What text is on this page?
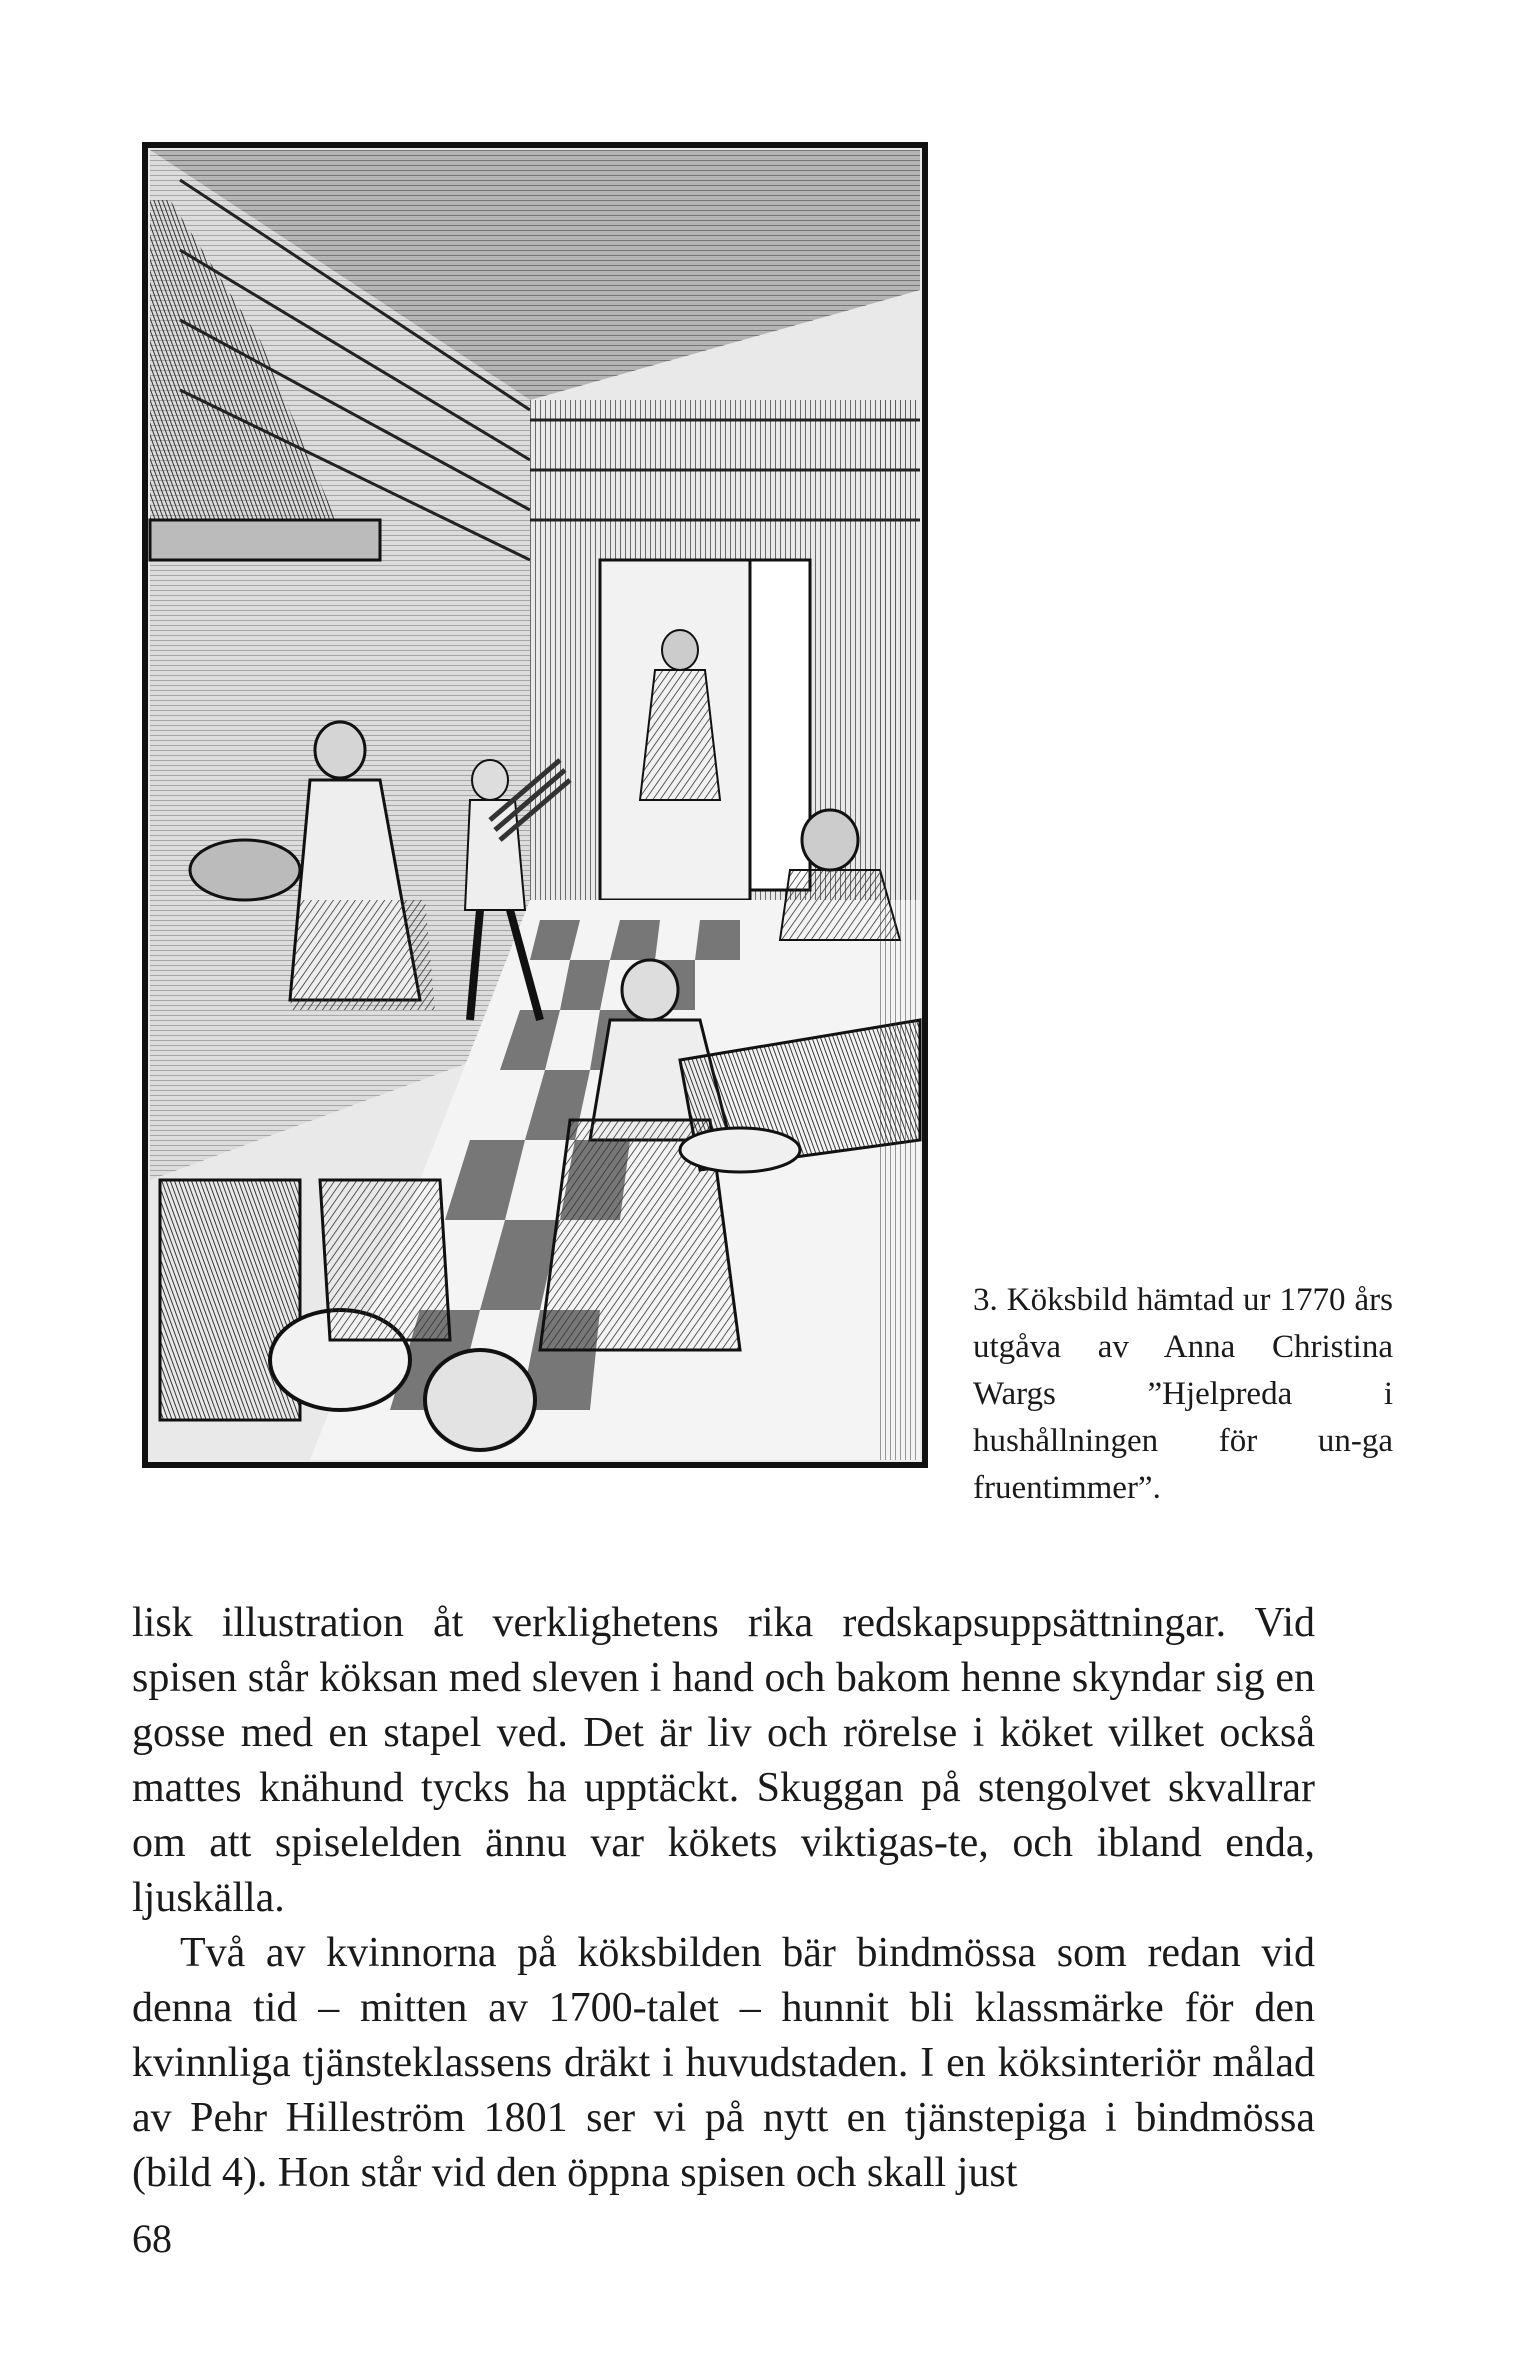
3. Köksbild hämtad ur 1770 års utgåva av Anna Christina Wargs ”Hjelpreda i hushållningen för un-ga fruentimmer”.

lisk illustration åt verklighetens rika redskapsuppsättningar. Vid spisen står köksan med sleven i hand och bakom henne skyndar sig en gosse med en stapel ved. Det är liv och rörelse i köket vilket också mattes knähund tycks ha upptäckt. Skuggan på stengolvet skvallrar om att spiselelden ännu var kökets viktigas-te, och ibland enda, ljuskälla.

Två av kvinnorna på köksbilden bär bindmössa som redan vid denna tid – mitten av 1700-talet – hunnit bli klassmärke för den kvinnliga tjänsteklassens dräkt i huvudstaden. I en köksinteriör målad av Pehr Hilleström 1801 ser vi på nytt en tjänstepiga i bindmössa (bild 4). Hon står vid den öppna spisen och skall just

68
